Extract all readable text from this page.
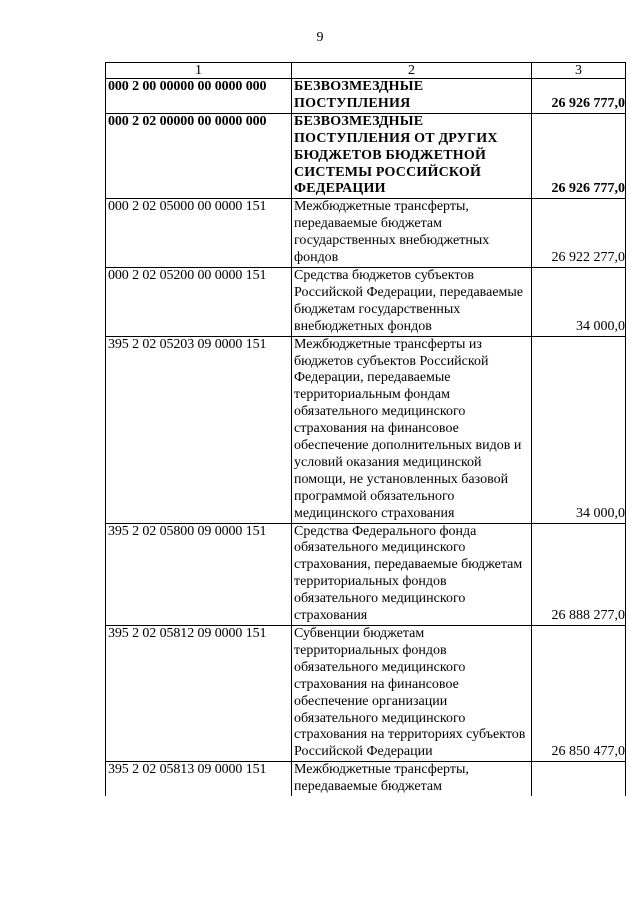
9
1	2	3
000 2 00 00000 00 0000 000	БЕЗВОЗМЕЗДНЫЕ ПОСТУПЛЕНИЯ	26 926 777,0
000 2 02 00000 00 0000 000	БЕЗВОЗМЕЗДНЫЕ ПОСТУПЛЕНИЯ ОТ ДРУГИХ БЮДЖЕТОВ БЮДЖЕТНОЙ СИСТЕМЫ РОССИЙСКОЙ ФЕДЕРАЦИИ	26 926 777,0
000 2 02 05000 00 0000 151	Межбюджетные трансферты, передаваемые бюджетам государственных внебюджетных фондов	26 922 277,0
000 2 02 05200 00 0000 151	Средства бюджетов субъектов Российской Федерации, передаваемые бюджетам государственных внебюджетных фондов	34 000,0
395 2 02 05203 09 0000 151	Межбюджетные трансферты из бюджетов субъектов Российской Федерации, передаваемые территориальным фондам обязательного медицинского страхования на финансовое обеспечение дополнительных видов и условий оказания медицинской помощи, не установленных базовой программой обязательного медицинского страхования	34 000,0
395 2 02 05800 09 0000 151	Средства Федерального фонда обязательного медицинского страхования, передаваемые бюджетам территориальных фондов обязательного медицинского страхования	26 888 277,0
395 2 02 05812 09 0000 151	Субвенции бюджетам территориальных фондов обязательного медицинского страхования на финансовое обеспечение организации обязательного медицинского страхования на территориях субъектов Российской Федерации	26 850 477,0
395 2 02 05813 09 0000 151	Межбюджетные трансферты, передаваемые бюджетам	
